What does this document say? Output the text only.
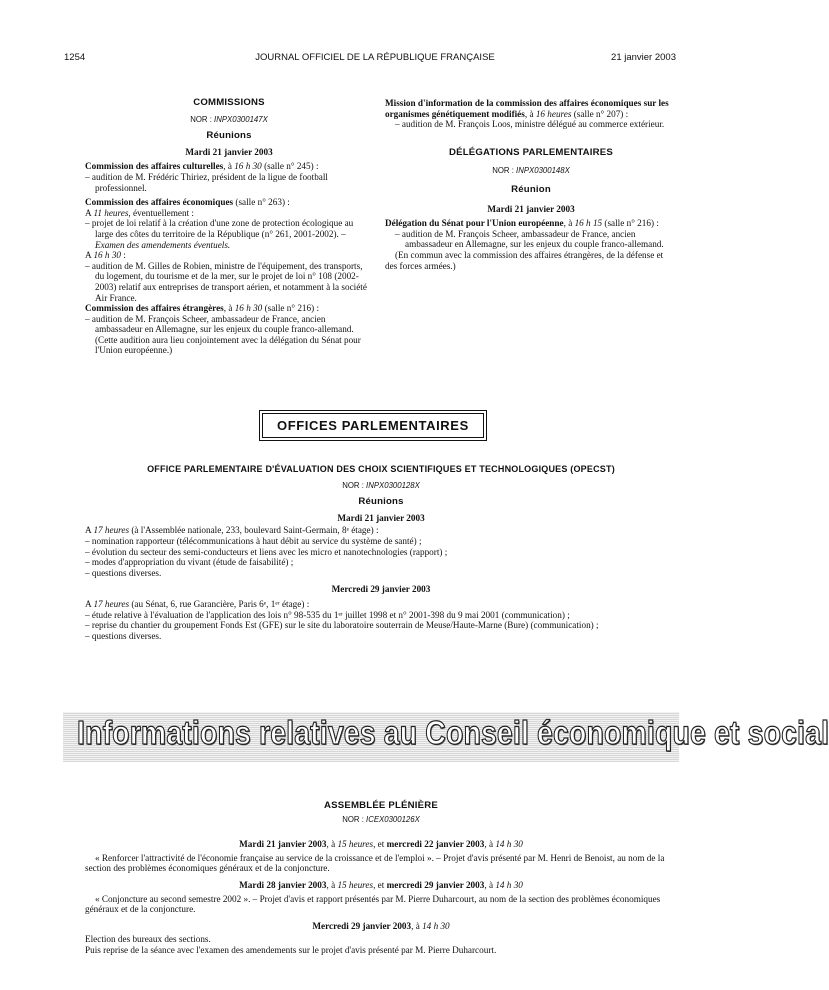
1254	JOURNAL OFFICIEL DE LA RÉPUBLIQUE FRANÇAISE	21 janvier 2003

COMMISSIONS

NOR : INPX0300147X

Réunions

Mardi 21 janvier 2003

Commission des affaires culturelles, à 16 h 30 (salle n° 245) :

– audition de M. Frédéric Thiriez, président de la ligue de football professionnel.

Commission des affaires économiques (salle n° 263) :

A 11 heures, éventuellement :

– projet de loi relatif à la création d'une zone de protection écologique au large des côtes du territoire de la République (n° 261, 2001-2002). – Examen des amendements éventuels.

A 16 h 30 :

– audition de M. Gilles de Robien, ministre de l'équipement, des transports, du logement, du tourisme et de la mer, sur le projet de loi n° 108 (2002-2003) relatif aux entreprises de transport aérien, et notamment à la société Air France.

Commission des affaires étrangères, à 16 h 30 (salle n° 216) :

– audition de M. François Scheer, ambassadeur de France, ancien ambassadeur en Allemagne, sur les enjeux du couple franco-allemand. (Cette audition aura lieu conjointement avec la délégation du Sénat pour l'Union européenne.)

Mission d'information de la commission des affaires économiques sur les organismes génétiquement modifiés, à 16 heures (salle n° 207) :

– audition de M. François Loos, ministre délégué au commerce extérieur.

DÉLÉGATIONS PARLEMENTAIRES

NOR : INPX0300148X

Réunion

Mardi 21 janvier 2003

Délégation du Sénat pour l'Union européenne, à 16 h 15 (salle n° 216) :

– audition de M. François Scheer, ambassadeur de France, ancien ambassadeur en Allemagne, sur les enjeux du couple franco-allemand.

(En commun avec la commission des affaires étrangères, de la défense et des forces armées.)

OFFICES PARLEMENTAIRES

OFFICE PARLEMENTAIRE D'ÉVALUATION DES CHOIX SCIENTIFIQUES ET TECHNOLOGIQUES (OPECST)

NOR : INPX0300128X

Réunions

Mardi 21 janvier 2003

A 17 heures (à l'Assemblée nationale, 233, boulevard Saint-Germain, 8ᵉ étage) :

– nomination rapporteur (télécommunications à haut débit au service du système de santé) ;

– évolution du secteur des semi-conducteurs et liens avec les micro et nanotechnologies (rapport) ;

– modes d'appropriation du vivant (étude de faisabilité) ;

– questions diverses.

Mercredi 29 janvier 2003

A 17 heures (au Sénat, 6, rue Garancière, Paris 6ᵉ, 1ᵉʳ étage) :

– étude relative à l'évaluation de l'application des lois n° 98-535 du 1ᵉʳ juillet 1998 et n° 2001-398 du 9 mai 2001 (communication) ;

– reprise du chantier du groupement Fonds Est (GFE) sur le site du laboratoire souterrain de Meuse/Haute-Marne (Bure) (communication) ;

– questions diverses.

Informations relatives au Conseil économique et social

ASSEMBLÉE PLÉNIÈRE

NOR : ICEX0300126X

Mardi 21 janvier 2003, à 15 heures, et mercredi 22 janvier 2003, à 14 h 30

« Renforcer l'attractivité de l'économie française au service de la croissance et de l'emploi ». – Projet d'avis présenté par M. Henri de Benoist, au nom de la section des problèmes économiques généraux et de la conjoncture.

Mardi 28 janvier 2003, à 15 heures, et mercredi 29 janvier 2003, à 14 h 30

« Conjoncture au second semestre 2002 ». – Projet d'avis et rapport présentés par M. Pierre Duharcourt, au nom de la section des problèmes économiques généraux et de la conjoncture.

Mercredi 29 janvier 2003, à 14 h 30

Election des bureaux des sections.

Puis reprise de la séance avec l'examen des amendements sur le projet d'avis présenté par M. Pierre Duharcourt.
